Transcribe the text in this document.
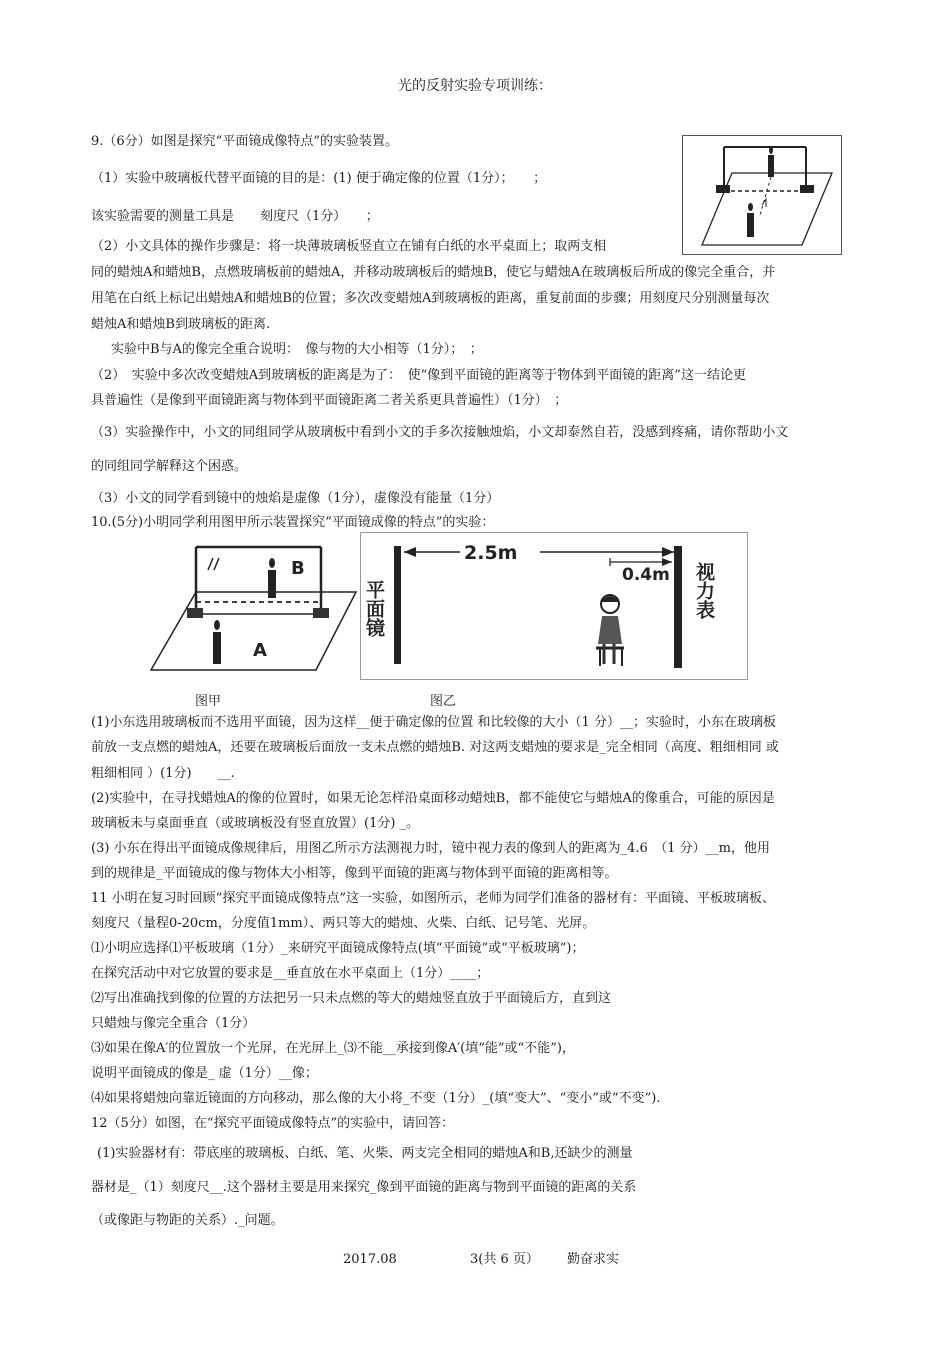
光的反射实验专项训练：
9.（6分）如图是探究“平面镜成像特点”的实验装置。
（1）实验中玻璃板代替平面镜的目的是：(1) 便于确定像的位置（1分）；　　；
该实验需要的测量工具是　　刻度尺（1分）　　；
（2）小文具体的操作步骤是：将一块薄玻璃板竖直立在铺有白纸的水平桌面上；取两支相
同的蜡烛A和蜡烛B，点燃玻璃板前的蜡烛A，并移动玻璃板后的蜡烛B，使它与蜡烛A在玻璃板后所成的像完全重合，并
用笔在白纸上标记出蜡烛A和蜡烛B的位置；多次改变蜡烛A到玻璃板的距离，重复前面的步骤；用刻度尺分别测量每次
蜡烛A和蜡烛B到玻璃板的距离.
实验中B与A的像完全重合说明：　像与物的大小相等（1分）；　；
（2）　实验中多次改变蜡烛A到玻璃板的距离是为了：　使“像到平面镜的距离等于物体到平面镜的距离”这一结论更
具普遍性（是像到平面镜距离与物体到平面镜距离二者关系更具普遍性）（1分）　；
（3）实验操作中，小文的同组同学从玻璃板中看到小文的手多次接触烛焰，小文却泰然自若，没感到疼痛，请你帮助小文
的同组同学解释这个困惑。
（3）小文的同学看到镜中的烛焰是虚像（1分），虚像没有能量（1分）
10.(5分)小明同学利用图甲所示装置探究“平面镜成像的特点”的实验：
B
A
平面镜
2.5m
0.4m 视力表
图甲	图乙
(1)小东选用玻璃板而不选用平面镜，因为这样__便于确定像的位置 和比较像的大小（1 分）__；实验时，小东在玻璃板
前放一支点燃的蜡烛A，还要在玻璃板后面放一支未点燃的蜡烛B. 对这两支蜡烛的要求是_完全相同（高度、粗细相同 或
粗细相同 ）(1分)　　__.
(2)实验中，在寻找蜡烛A的像的位置时，如果无论怎样沿桌面移动蜡烛B，都不能使它与蜡烛A的像重合，可能的原因是
玻璃板未与桌面垂直（或玻璃板没有竖直放置）(1分) _。
(3) 小东在得出平面镜成像规律后，用图乙所示方法测视力时，镜中视力表的像到人的距离为_4.6　（1 分）__m，他用
到的规律是_平面镜成的像与物体大小相等，像到平面镜的距离与物体到平面镜的距离相等。
11 小明在复习时回顾“探究平面镜成像特点”这一实验，如图所示，老师为同学们准备的器材有：平面镜、平板玻璃板、
刻度尺（量程0-20cm，分度值1mm）、两只等大的蜡烛、火柴、白纸、记号笔、光屏。
⑴小明应选择⑴平板玻璃（1分）_来研究平面镜成像特点(填“平面镜”或“平板玻璃”)；
在探究活动中对它放置的要求是__垂直放在水平桌面上（1分）____；
⑵写出准确找到像的位置的方法把另一只未点燃的等大的蜡烛竖直放于平面镜后方，直到这
只蜡烛与像完全重合（1分）
⑶如果在像A′的位置放一个光屏，在光屏上_⑶不能__承接到像A′(填“能”或“不能”)，
说明平面镜成的像是_ 虚（1分）__像；
⑷如果将蜡烛向靠近镜面的方向移动，那么像的大小将_不变（1分）_(填“变大”、“变小”或“不变”).
12（5分）如图，在“探究平面镜成像特点”的实验中，请回答：
(1)实验器材有：带底座的玻璃板、白纸、笔、火柴、两支完全相同的蜡烛A和B,还缺少的测量
器材是_（1）刻度尺__.这个器材主要是用来探究_像到平面镜的距离与物到平面镜的距离的关系
（或像距与物距的关系）._问题。
2017.08	3(共 6 页） 勤奋求实
